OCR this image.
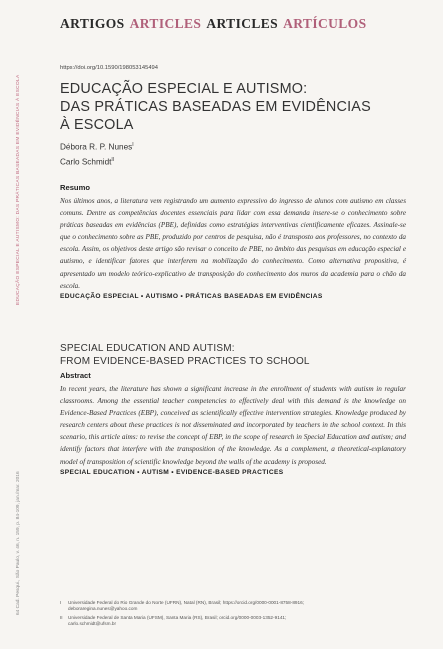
ARTIGOS ARTICLES ARTICLES ARTÍCULOS
EDUCAÇÃO ESPECIAL E AUTISMO: DAS PRÁTICAS BASEADAS EM EVIDÊNCIAS À ESCOLA
64 Cad. Pesqui., São Paulo, v. 46, n. 159, p. 84-109, jan./mar. 2016
https://doi.org/10.1590/198053145494
EDUCAÇÃO ESPECIAL E AUTISMO:
DAS PRÁTICAS BASEADAS EM EVIDÊNCIAS
À ESCOLA
Débora R. P. Nunes$^I$
Carlo Schmidt$^{II}$
Resumo
Nos últimos anos, a literatura vem registrando um aumento expressivo do ingresso de alunos com autismo em classes comuns. Dentre as competências docentes essenciais para lidar com essa demanda insere-se o conhecimento sobre práticas baseadas em evidências (PBE), definidas como estratégias interventivas cientificamente eficazes. Assinale-se que o conhecimento sobre as PBE, produzido por centros de pesquisa, não é transposto aos professores, no contexto da escola. Assim, os objetivos deste artigo são revisar o conceito de PBE, no âmbito das pesquisas em educação especial e autismo, e identificar fatores que interferem na mobilização do conhecimento. Como alternativa propositiva, é apresentado um modelo teórico-explicativo de transposição do conhecimento dos muros da academia para o chão da escola.
EDUCAÇÃO ESPECIAL • AUTISMO • PRÁTICAS BASEADAS EM EVIDÊNCIAS
SPECIAL EDUCATION AND AUTISM:
FROM EVIDENCE-BASED PRACTICES TO SCHOOL
Abstract
In recent years, the literature has shown a significant increase in the enrollment of students with autism in regular classrooms. Among the essential teacher competencies to effectively deal with this demand is the knowledge on Evidence-Based Practices (EBP), conceived as scientifically effective intervention strategies. Knowledge produced by research centers about these practices is not disseminated and incorporated by teachers in the school context. In this scenario, this article aims: to revise the concept of EBP, in the scope of research in Special Education and autism; and identify factors that interfere with the transposition of the knowledge. As a complement, a theoretical-explanatory model of transposition of scientific knowledge beyond the walls of the academy is proposed.
SPECIAL EDUCATION • AUTISM • EVIDENCE-BASED PRACTICES
I	Universidade Federal do Rio Grande do Norte (UFRN), Natal (RN), Brasil; https://orcid.org/0000-0001-8758-8916;
deboraregina.nunes@yahoo.com
II	Universidade Federal de Santa Maria (UFSM), Santa Maria (RS), Brasil; orcid.org/0000-0003-1352-9141;
carlo.schmidt@ufsm.br
